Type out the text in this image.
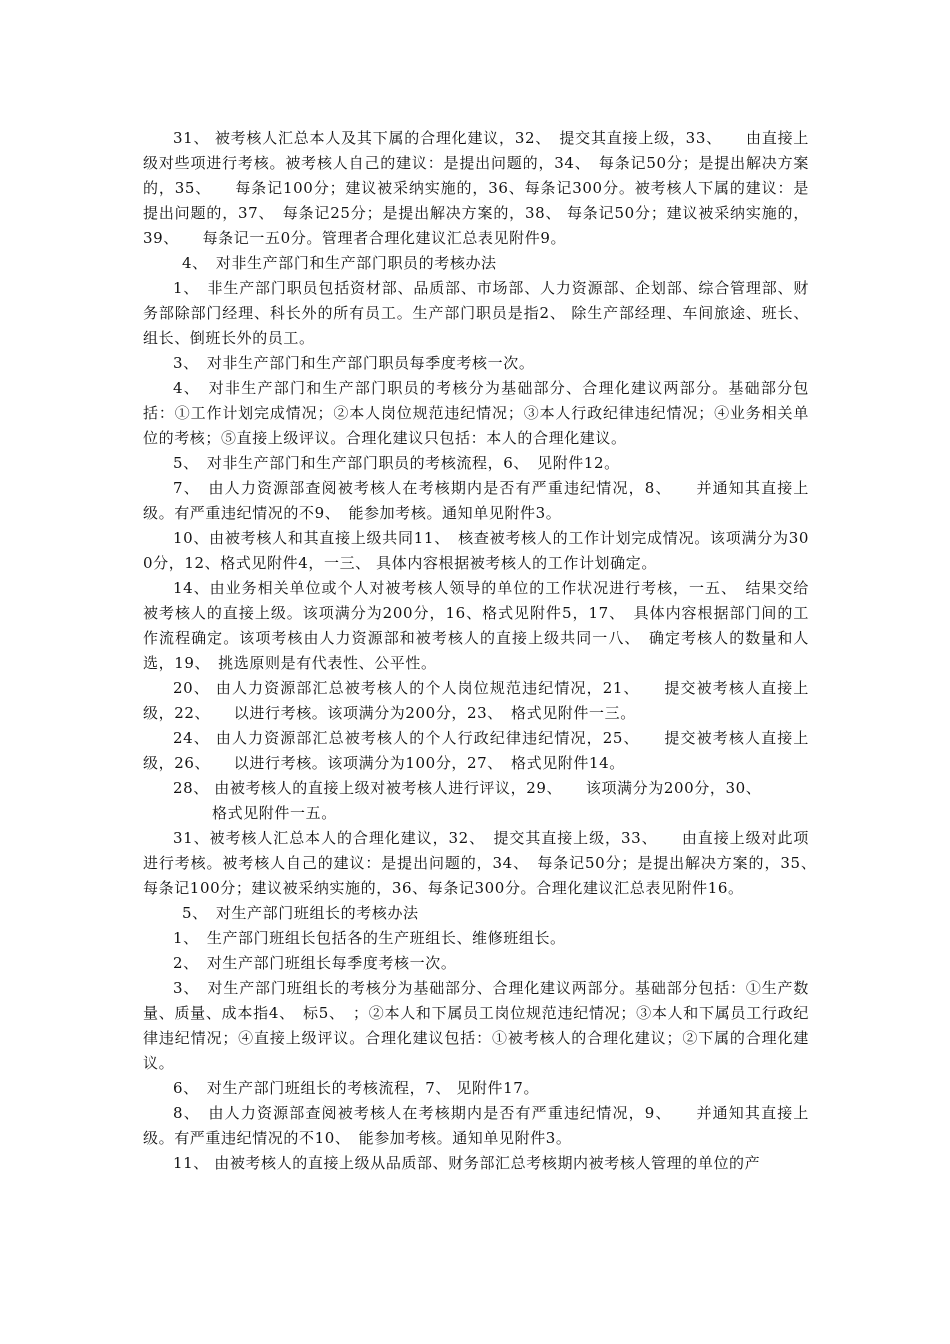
31、 被考核人汇总本人及其下属的合理化建议，32、　提交其直接上级，33、　　由直接上级对些项进行考核。被考核人自己的建议：是提出问题的，34、　每条记50分；是提出解决方案的，35、　　每条记100分；建议被采纳实施的，36、每条记300分。被考核人下属的建议：是提出问题的，37、　每条记25分；是提出解决方案的，38、 每条记50分；建议被采纳实施的，39、　　每条记一五0分。管理者合理化建议汇总表见附件9。

4、　对非生产部门和生产部门职员的考核办法

1、　非生产部门职员包括资材部、品质部、市场部、人力资源部、企划部、综合管理部、财务部除部门经理、科长外的所有员工。生产部门职员是指2、 除生产部经理、车间旅途、班长、组长、倒班长外的员工。

3、　对非生产部门和生产部门职员每季度考核一次。

4、　对非生产部门和生产部门职员的考核分为基础部分、合理化建议两部分。基础部分包括：①工作计划完成情况；②本人岗位规范违纪情况；③本人行政纪律违纪情况；④业务相关单位的考核；⑤直接上级评议。合理化建议只包括：本人的合理化建议。

5、　对非生产部门和生产部门职员的考核流程，6、　见附件12。

7、　由人力资源部查阅被考核人在考核期内是否有严重违纪情况，8、　　并通知其直接上级。有严重违纪情况的不9、　能参加考核。通知单见附件3。

10、由被考核人和其直接上级共同11、　核查被考核人的工作计划完成情况。该项满分为300分，12、格式见附件4，一三、 具体内容根据被考核人的工作计划确定。

14、由业务相关单位或个人对被考核人领导的单位的工作状况进行考核，一五、　结果交给被考核人的直接上级。该项满分为200分，16、格式见附件5，17、　具体内容根据部门间的工作流程确定。该项考核由人力资源部和被考核人的直接上级共同一八、　确定考核人的数量和人选，19、　挑选原则是有代表性、公平性。

20、 由人力资源部汇总被考核人的个人岗位规范违纪情况，21、　　提交被考核人直接上级，22、　　以进行考核。该项满分为200分，23、　格式见附件一三。

24、 由人力资源部汇总被考核人的个人行政纪律违纪情况，25、　　提交被考核人直接上级，26、　　以进行考核。该项满分为100分，27、　格式见附件14。

28、 由被考核人的直接上级对被考核人进行评议，29、　　该项满分为200分，30、
格式见附件一五。

31、被考核人汇总本人的合理化建议，32、　提交其直接上级，33、　　由直接上级对此项进行考核。被考核人自己的建议：是提出问题的，34、　每条记50分；是提出解决方案的，35、　　每条记100分；建议被采纳实施的，36、每条记300分。合理化建议汇总表见附件16。

5、　对生产部门班组长的考核办法

1、　生产部门班组长包括各的生产班组长、维修班组长。

2、　对生产部门班组长每季度考核一次。

3、　对生产部门班组长的考核分为基础部分、合理化建议两部分。基础部分包括：①生产数量、质量、成本指4、　标5、　；②本人和下属员工岗位规范违纪情况；③本人和下属员工行政纪律违纪情况；④直接上级评议。合理化建议包括：①被考核人的合理化建议；②下属的合理化建议。

6、　对生产部门班组长的考核流程，7、 见附件17。

8、　由人力资源部查阅被考核人在考核期内是否有严重违纪情况，9、　　并通知其直接上级。有严重违纪情况的不10、　能参加考核。通知单见附件3。

11、 由被考核人的直接上级从品质部、财务部汇总考核期内被考核人管理的单位的产
